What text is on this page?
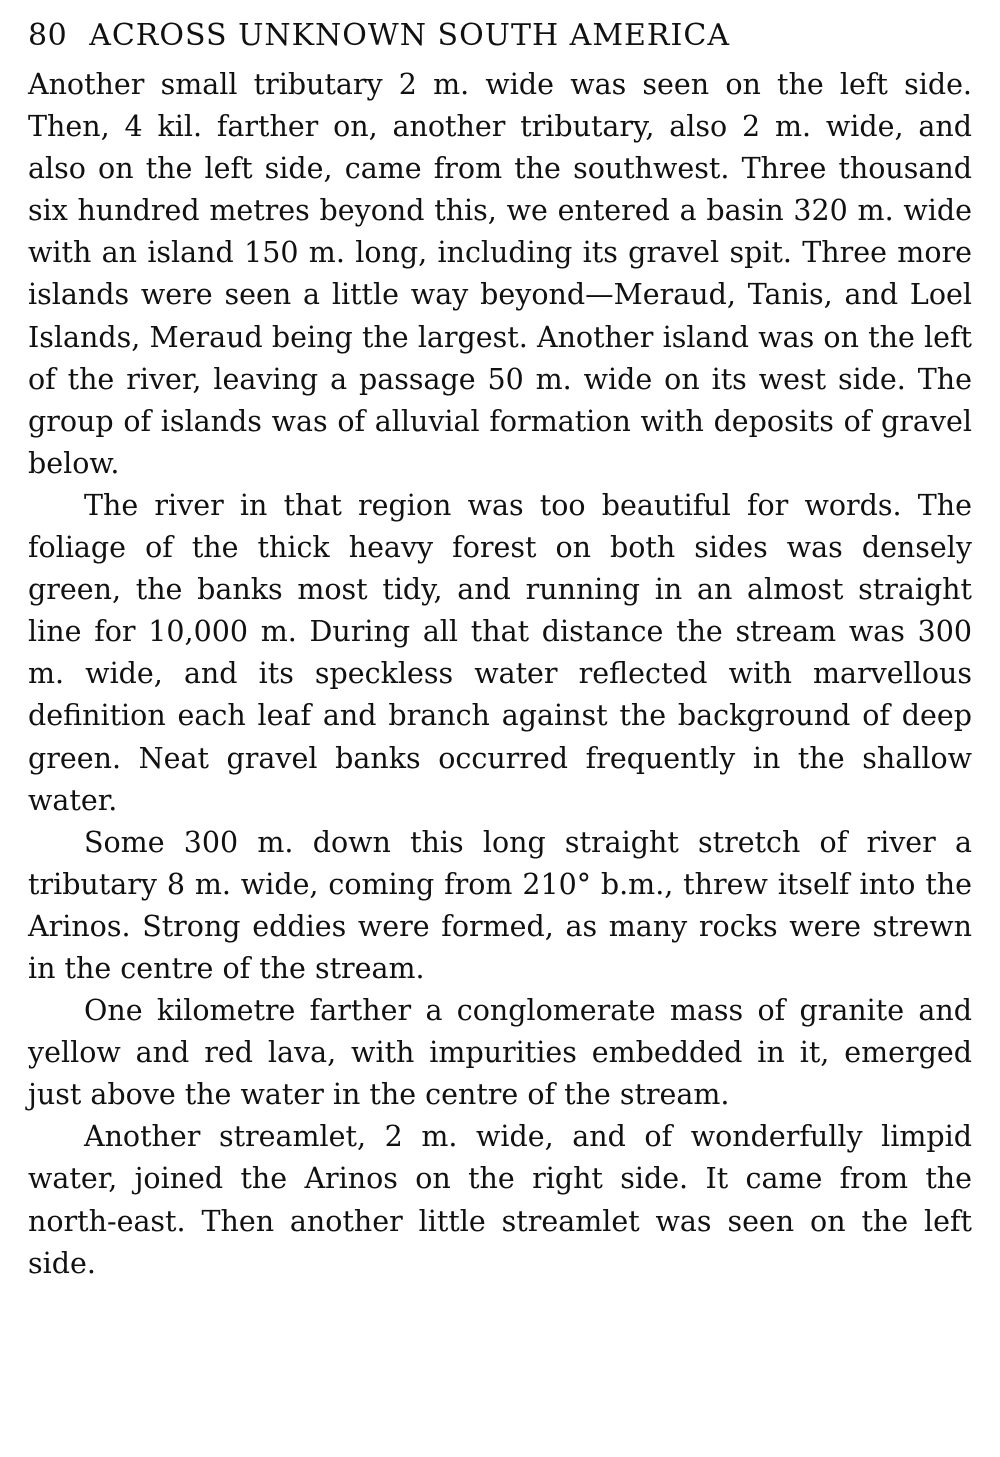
80 ACROSS UNKNOWN SOUTH AMERICA

Another small tributary 2 m. wide was seen on the left side. Then, 4 kil. farther on, another tributary, also 2 m. wide, and also on the left side, came from the southwest. Three thousand six hundred metres beyond this, we entered a basin 320 m. wide with an island 150 m. long, including its gravel spit. Three more islands were seen a little way beyond—Meraud, Tanis, and Loel Islands, Meraud being the largest. Another island was on the left of the river, leaving a passage 50 m. wide on its west side. The group of islands was of alluvial formation with deposits of gravel below.

The river in that region was too beautiful for words. The foliage of the thick heavy forest on both sides was densely green, the banks most tidy, and running in an almost straight line for 10,000 m. During all that distance the stream was 300 m. wide, and its speckless water reflected with marvellous definition each leaf and branch against the background of deep green. Neat gravel banks occurred frequently in the shallow water.

Some 300 m. down this long straight stretch of river a tributary 8 m. wide, coming from 210° b.m., threw itself into the Arinos. Strong eddies were formed, as many rocks were strewn in the centre of the stream.

One kilometre farther a conglomerate mass of granite and yellow and red lava, with impurities embedded in it, emerged just above the water in the centre of the stream.

Another streamlet, 2 m. wide, and of wonderfully limpid water, joined the Arinos on the right side. It came from the north-east. Then another little streamlet was seen on the left side.
